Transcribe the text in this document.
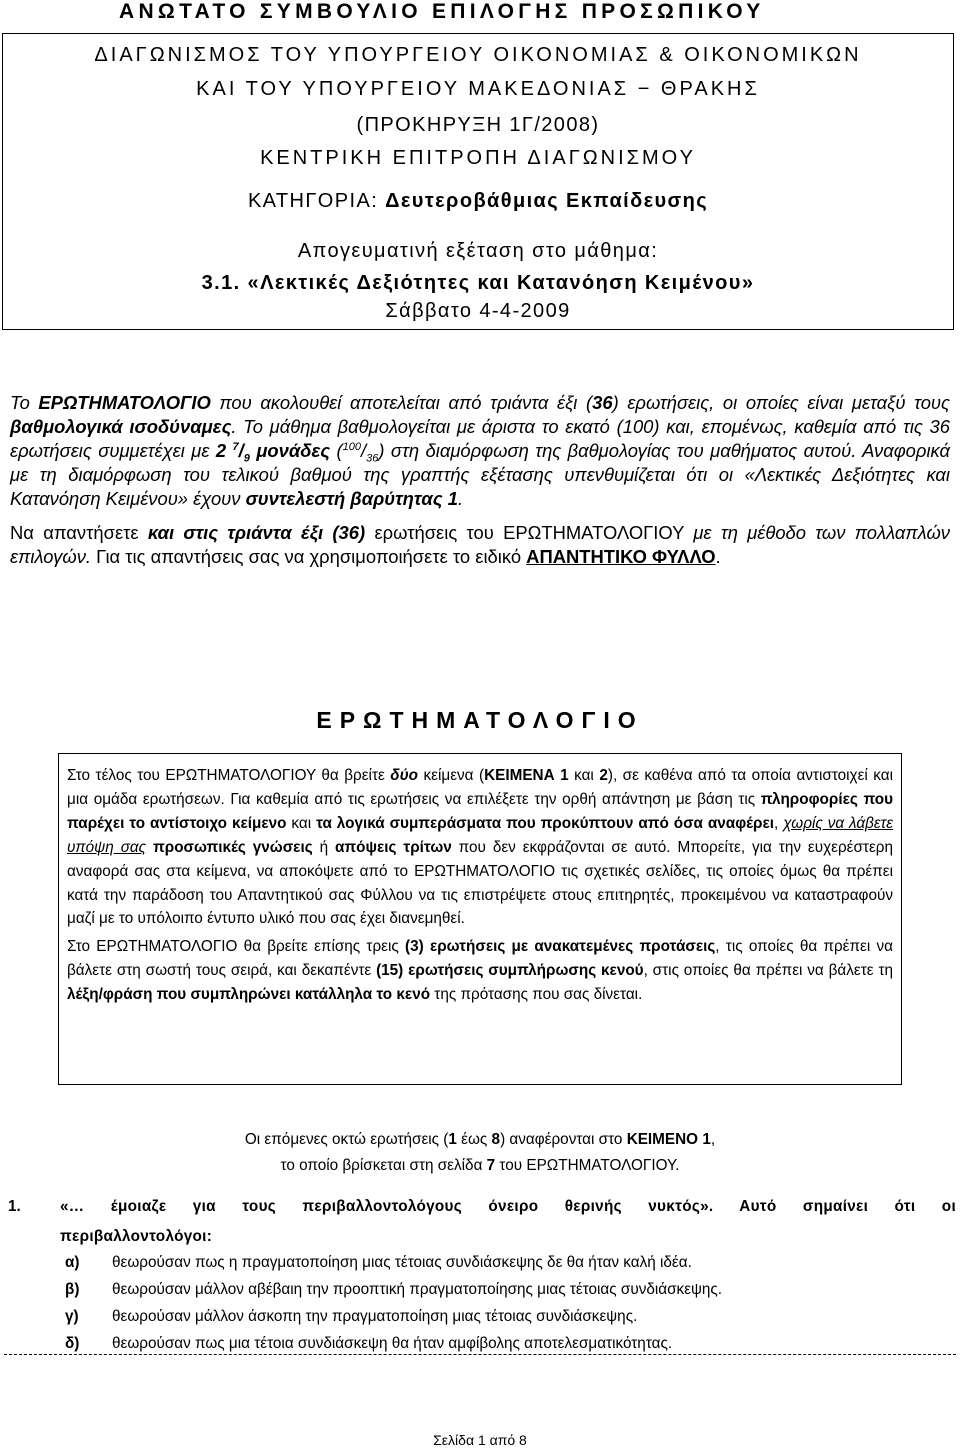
ΑΝΩΤΑΤΟ ΣΥΜΒΟΥΛΙΟ ΕΠΙΛΟΓΗΣ ΠΡΟΣΩΠΙΚΟΥ
ΔΙΑΓΩΝΙΣΜΟΣ ΤΟΥ ΥΠΟΥΡΓΕΙΟΥ ΟΙΚΟΝΟΜΙΑΣ & ΟΙΚΟΝΟΜΙΚΩΝ
ΚΑΙ ΤΟΥ ΥΠΟΥΡΓΕΙΟΥ ΜΑΚΕΔΟΝΙΑΣ − ΘΡΑΚΗΣ
(ΠΡΟΚΗΡΥΞΗ 1Γ/2008)
ΚΕΝΤΡΙΚΗ ΕΠΙΤΡΟΠΗ ΔΙΑΓΩΝΙΣΜΟΥ
ΚΑΤΗΓΟΡΙΑ: Δευτεροβάθμιας Εκπαίδευσης
Απογευματινή εξέταση στο μάθημα:
3.1. «Λεκτικές Δεξιότητες και Κατανόηση Κειμένου»
Σάββατο 4-4-2009

Το ΕΡΩΤΗΜΑΤΟΛΟΓΙΟ που ακολουθεί αποτελείται από τριάντα έξι (36) ερωτήσεις, οι οποίες είναι μεταξύ τους βαθμολογικά ισοδύναμες. Το μάθημα βαθμολογείται με άριστα το εκατό (100) και, επομένως, καθεμία από τις 36 ερωτήσεις συμμετέχει με 2 $^7/_9$ μονάδες $(^{100}/_{36})$ στη διαμόρφωση της βαθμολογίας του μαθήματος αυτού. Αναφορικά με τη διαμόρφωση του τελικού βαθμού της γραπτής εξέτασης υπενθυμίζεται ότι οι «Λεκτικές Δεξιότητες και Κατανόηση Κειμένου» έχουν συντελεστή βαρύτητας 1.

Να απαντήσετε και στις τριάντα έξι (36) ερωτήσεις του ΕΡΩΤΗΜΑΤΟΛΟΓΙΟΥ με τη μέθοδο των πολλαπλών επιλογών. Για τις απαντήσεις σας να χρησιμοποιήσετε το ειδικό ΑΠΑΝΤΗΤΙΚΟ ΦΥΛΛΟ.

ΕΡΩΤΗΜΑΤΟΛΟΓΙΟ

Στο τέλος του ΕΡΩΤΗΜΑΤΟΛΟΓΙΟΥ θα βρείτε δύο κείμενα (ΚΕΙΜΕΝΑ 1 και 2), σε καθένα από τα οποία αντιστοιχεί και μια ομάδα ερωτήσεων. Για καθεμία από τις ερωτήσεις να επιλέξετε την ορθή απάντηση με βάση τις πληροφορίες που παρέχει το αντίστοιχο κείμενο και τα λογικά συμπεράσματα που προκύπτουν από όσα αναφέρει, χωρίς να λάβετε υπόψη σας προσωπικές γνώσεις ή απόψεις τρίτων που δεν εκφράζονται σε αυτό. Μπορείτε, για την ευχερέστερη αναφορά σας στα κείμενα, να αποκόψετε από το ΕΡΩΤΗΜΑΤΟΛΟΓΙΟ τις σχετικές σελίδες, τις οποίες όμως θα πρέπει κατά την παράδοση του Απαντητικού σας Φύλλου να τις επιστρέψετε στους επιτηρητές, προκειμένου να καταστραφούν μαζί με το υπόλοιπο έντυπο υλικό που σας έχει διανεμηθεί.

Στο ΕΡΩΤΗΜΑΤΟΛΟΓΙΟ θα βρείτε επίσης τρεις (3) ερωτήσεις με ανακατεμένες προτάσεις, τις οποίες θα πρέπει να βάλετε στη σωστή τους σειρά, και δεκαπέντε (15) ερωτήσεις συμπλήρωσης κενού, στις οποίες θα πρέπει να βάλετε τη λέξη/φράση που συμπληρώνει κατάλληλα το κενό της πρότασης που σας δίνεται.

Οι επόμενες οκτώ ερωτήσεις (1 έως 8) αναφέρονται στο ΚΕΙΜΕΝΟ 1,
το οποίο βρίσκεται στη σελίδα 7 του ΕΡΩΤΗΜΑΤΟΛΟΓΙΟΥ.
1.	«… έμοιαζε για τους περιβαλλοντολόγους όνειρο θερινής νυκτός». Αυτό σημαίνει ότι οι
περιβαλλοντολόγοι:
α) θεωρούσαν πως η πραγματοποίηση μιας τέτοιας συνδιάσκεψης δε θα ήταν καλή ιδέα.
β) θεωρούσαν μάλλον αβέβαιη την προοπτική πραγματοποίησης μιας τέτοιας συνδιάσκεψης.
γ) θεωρούσαν μάλλον άσκοπη την πραγματοποίηση μιας τέτοιας συνδιάσκεψης.
δ) θεωρούσαν πως μια τέτοια συνδιάσκεψη θα ήταν αμφίβολης αποτελεσματικότητας.
Σελίδα 1 από 8
